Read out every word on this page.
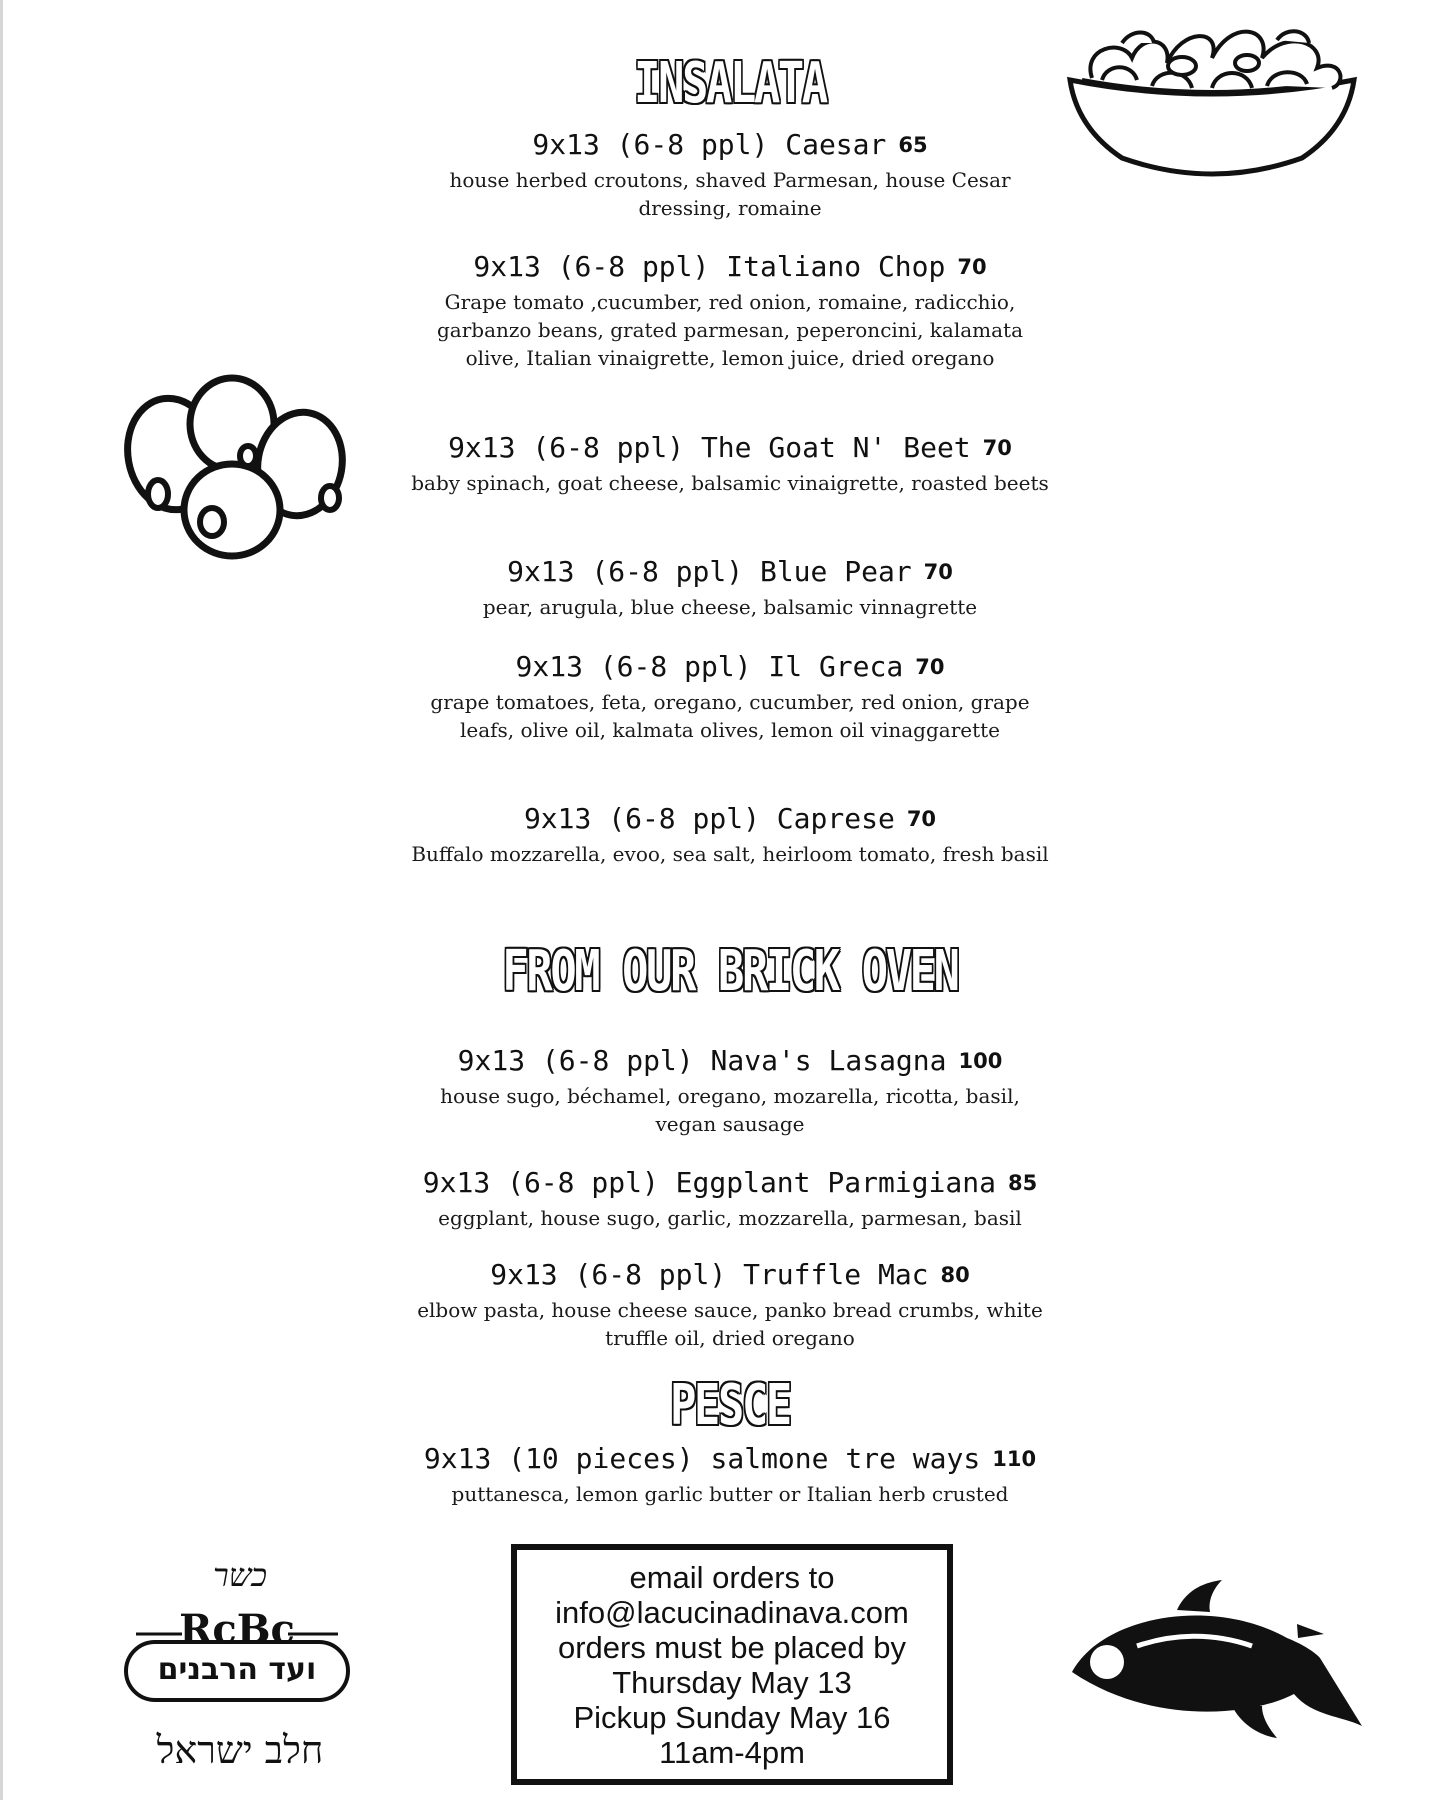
INSALATA
9x13 (6-8 ppl) Caesar 65
house herbed croutons, shaved Parmesan, house Cesar dressing, romaine
9x13 (6-8 ppl) Italiano Chop 70
Grape tomato ,cucumber, red onion, romaine, radicchio, garbanzo beans, grated parmesan, peperoncini, kalamata olive, Italian vinaigrette, lemon juice, dried oregano
9x13 (6-8 ppl) The Goat N' Beet 70
baby spinach, goat cheese, balsamic vinaigrette, roasted beets
9x13 (6-8 ppl) Blue Pear 70
pear, arugula, blue cheese, balsamic vinnagrette
9x13 (6-8 ppl) Il Greca 70
grape tomatoes, feta, oregano, cucumber, red onion, grape leafs, olive oil, kalmata olives, lemon oil vinaggarette
9x13 (6-8 ppl) Caprese 70
Buffalo mozzarella, evoo, sea salt, heirloom tomato, fresh basil
FROM OUR BRICK OVEN
9x13 (6-8 ppl) Nava's Lasagna 100
house sugo, béchamel, oregano, mozarella, ricotta, basil, vegan sausage
9x13 (6-8 ppl) Eggplant Parmigiana 85
eggplant, house sugo, garlic, mozzarella, parmesan, basil
9x13 (6-8 ppl) Truffle Mac 80
elbow pasta, house cheese sauce, panko bread crumbs, white truffle oil, dried oregano
PESCE
9x13 (10 pieces) salmone tre ways 110
puttanesca, lemon garlic butter or Italian herb crusted
email orders to
info@lacucinadinava.com
orders must be placed by
Thursday May 13
Pickup Sunday May 16
11am-4pm
כשר
RcBc
ועד הרבנים
חלב ישראל
